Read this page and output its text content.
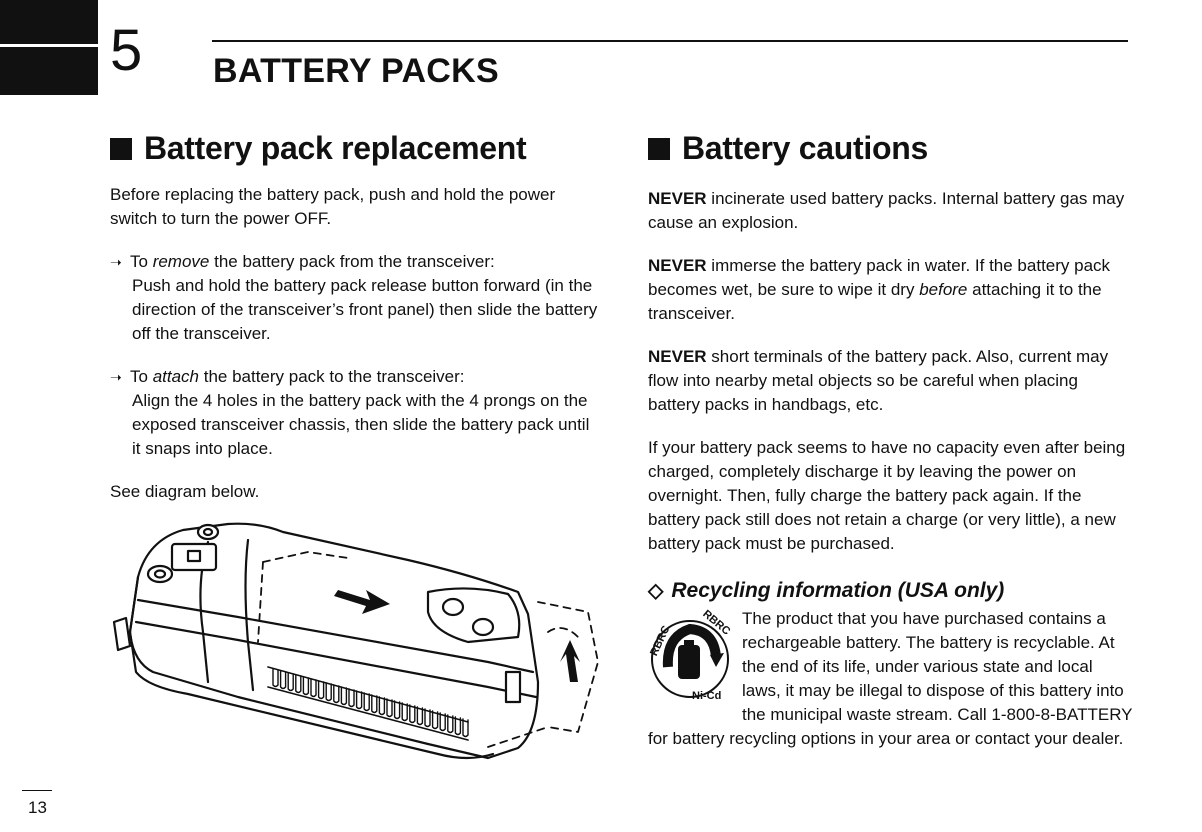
5 BATTERY PACKS
Battery pack replacement

Before replacing the battery pack, push and hold the power switch to turn the power OFF.

➝ To remove the battery pack from the transceiver:

Push and hold the battery pack release button forward (in the direction of the transceiver’s front panel) then slide the battery off the transceiver.

➝ To attach the battery pack to the transceiver:

Align the 4 holes in the battery pack with the 4 prongs on the exposed transceiver chassis, then slide the battery pack until it snaps into place.

See diagram below.

Battery cautions

NEVER incinerate used battery packs. Internal battery gas may cause an explosion.

NEVER immerse the battery pack in water. If the battery pack becomes wet, be sure to wipe it dry before attaching it to the transceiver.

NEVER short terminals of the battery pack. Also, current may flow into nearby metal objects so be careful when placing battery packs in handbags, etc.

If your battery pack seems to have no capacity even after being charged, completely discharge it by leaving the power on overnight. Then, fully charge the battery pack again. If the battery pack still does not retain a charge (or very little), a new battery pack must be purchased.

◇ Recycling information (USA only)
RBRC
RBRC
Ni-Cd

The product that you have purchased contains a rechargeable battery. The battery is recyclable. At the end of its life, under various state and local laws, it may be illegal to dispose of this battery into the municipal waste stream. Call 1-800-8-BATTERY for battery recycling options in your area or contact your dealer.

13
